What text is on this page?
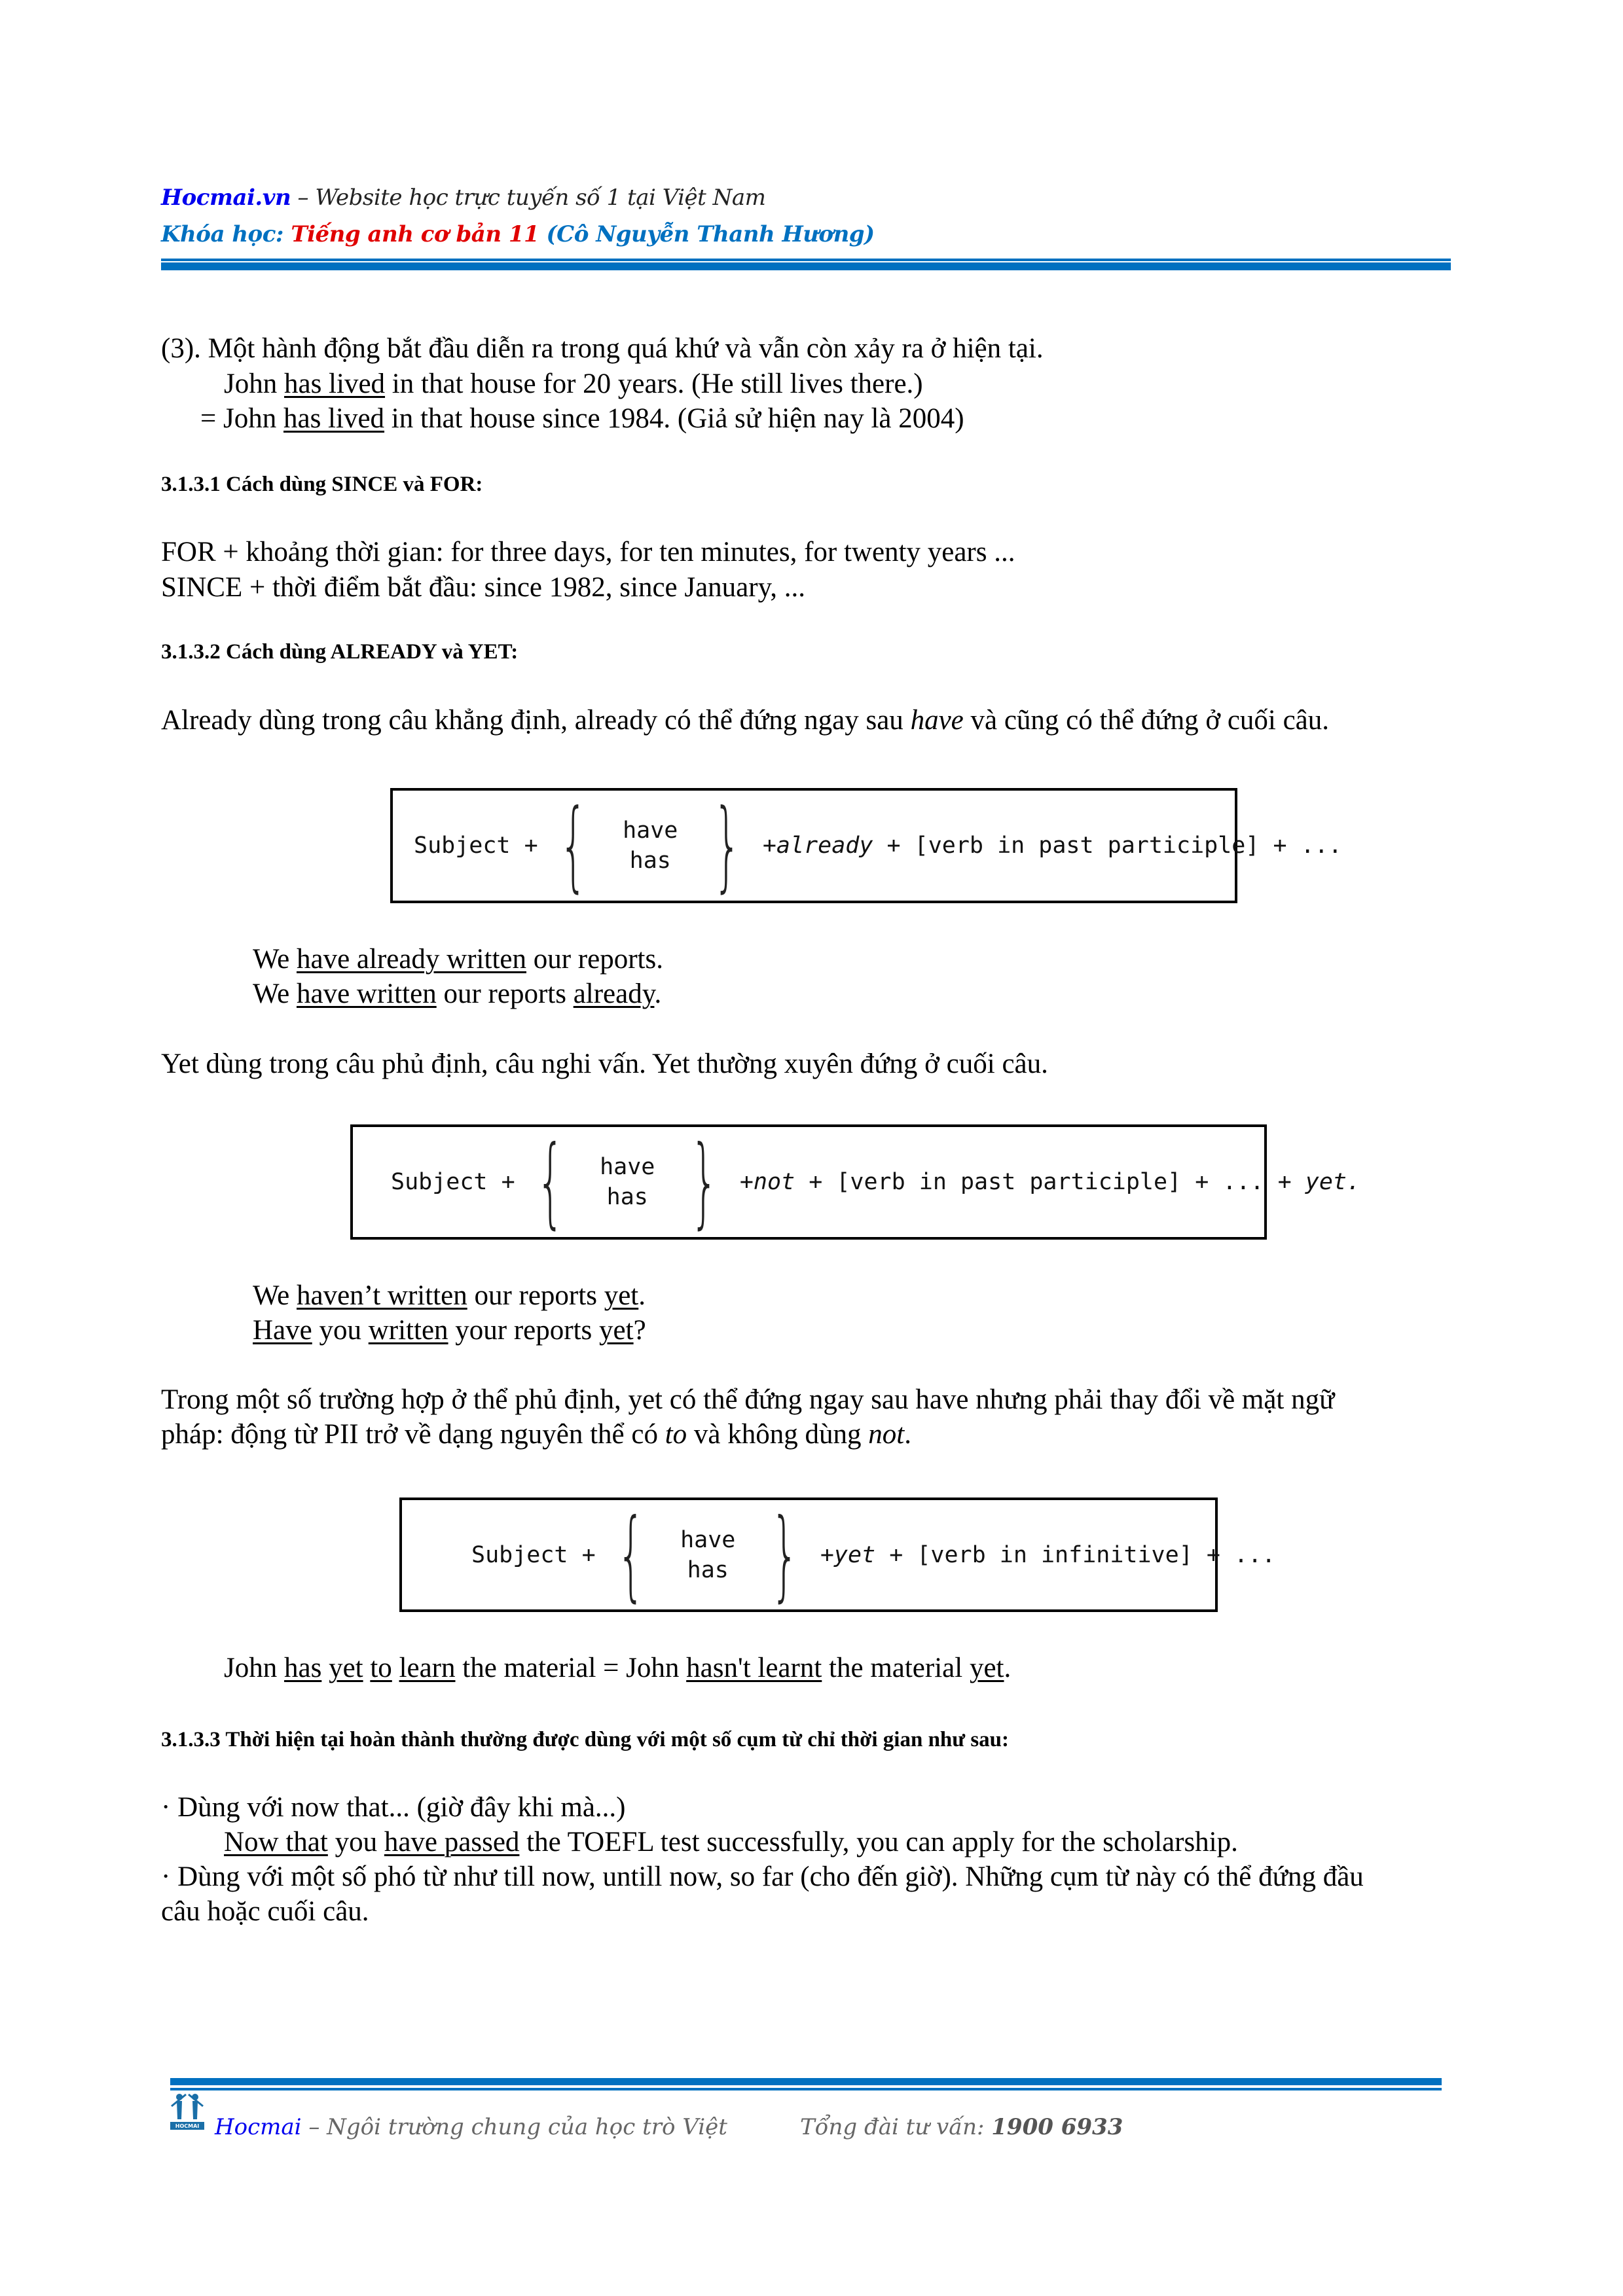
Hocmai.vn – Website học trực tuyến số 1 tại Việt Nam
Khóa học: Tiếng anh cơ bản 11 (Cô Nguyễn Thanh Hương)
(3). Một hành động bắt đầu diễn ra trong quá khứ và vẫn còn xảy ra ở hiện tại.
John has lived in that house for 20 years. (He still lives there.)
= John has lived in that house since 1984. (Giả sử hiện nay là 2004)
3.1.3.1 Cách dùng SINCE và FOR:
FOR + khoảng thời gian: for three days, for ten minutes, for twenty years ...
SINCE + thời điểm bắt đầu: since 1982, since January, ...
3.1.3.2 Cách dùng ALREADY và YET:
Already dùng trong câu khẳng định, already có thể đứng ngay sau have và cũng có thể đứng ở cuối câu.
Subject + { have
has } + already + [verb in past participle] + ...
We have already written our reports.
We have written our reports already.
Yet dùng trong câu phủ định, câu nghi vấn. Yet thường xuyên đứng ở cuối câu.
Subject + { have
has } + not + [verb in past participle] + ... + yet.
We haven’t written our reports yet.
Have you written your reports yet?
Trong một số trường hợp ở thể phủ định, yet có thể đứng ngay sau have nhưng phải thay đổi về mặt ngữ
pháp: động từ PII trở về dạng nguyên thể có to và không dùng not.
Subject + { have
has } + yet + [verb in infinitive] + ...
John has yet to learn the material = John hasn't learnt the material yet.
3.1.3.3 Thời hiện tại hoàn thành thường được dùng với một số cụm từ chỉ thời gian như sau:
· Dùng với now that... (giờ đây khi mà...)
Now that you have passed the TOEFL test successfully, you can apply for the scholarship.
· Dùng với một số phó từ như till now, untill now, so far (cho đến giờ). Những cụm từ này có thể đứng đầu
câu hoặc cuối câu.
HOCMAI Hocmai – Ngôi trường chung của học trò Việt	Tổng đài tư vấn: 1900 6933
